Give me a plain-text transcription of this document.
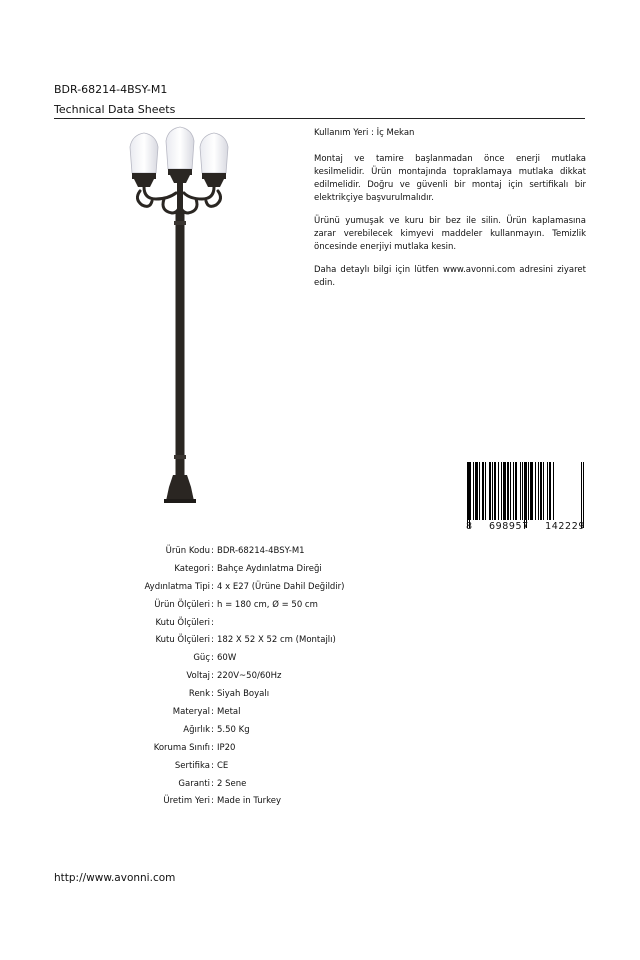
BDR-68214-4BSY-M1
Technical Data Sheets

Kullanım Yeri : İç Mekan

Montaj ve tamire başlanmadan önce enerji mutlaka kesilmelidir. Ürün montajında topraklamaya mutlaka dikkat edilmelidir. Doğru ve güvenli bir montaj için sertifikalı bir elektrikçiye başvurulmalıdır.

Ürünü yumuşak ve kuru bir bez ile silin. Ürün kaplamasına zarar verebilecek kimyevi maddeler kullanmayın. Temizlik öncesinde enerjiyi mutlaka kesin.

Daha detaylı bilgi için lütfen www.avonni.com adresini ziyaret edin.

8 698957 142229
Ürün Kodu : BDR-68214-4BSY-M1
Kategori : Bahçe Aydınlatma Direği
Aydınlatma Tipi : 4 x E27 (Ürüne Dahil Değildir)
Ürün Ölçüleri : h = 180 cm, Ø = 50 cm
Kutu Ölçüleri :
Kutu Ölçüleri : 182 X 52 X 52 cm (Montajlı)
Güç : 60W
Voltaj : 220V~50/60Hz
Renk : Siyah Boyalı
Materyal : Metal
Ağırlık : 5.50 Kg
Koruma Sınıfı : IP20
Sertifika : CE
Garanti : 2 Sene
Üretim Yeri : Made in Turkey
http://www.avonni.com
